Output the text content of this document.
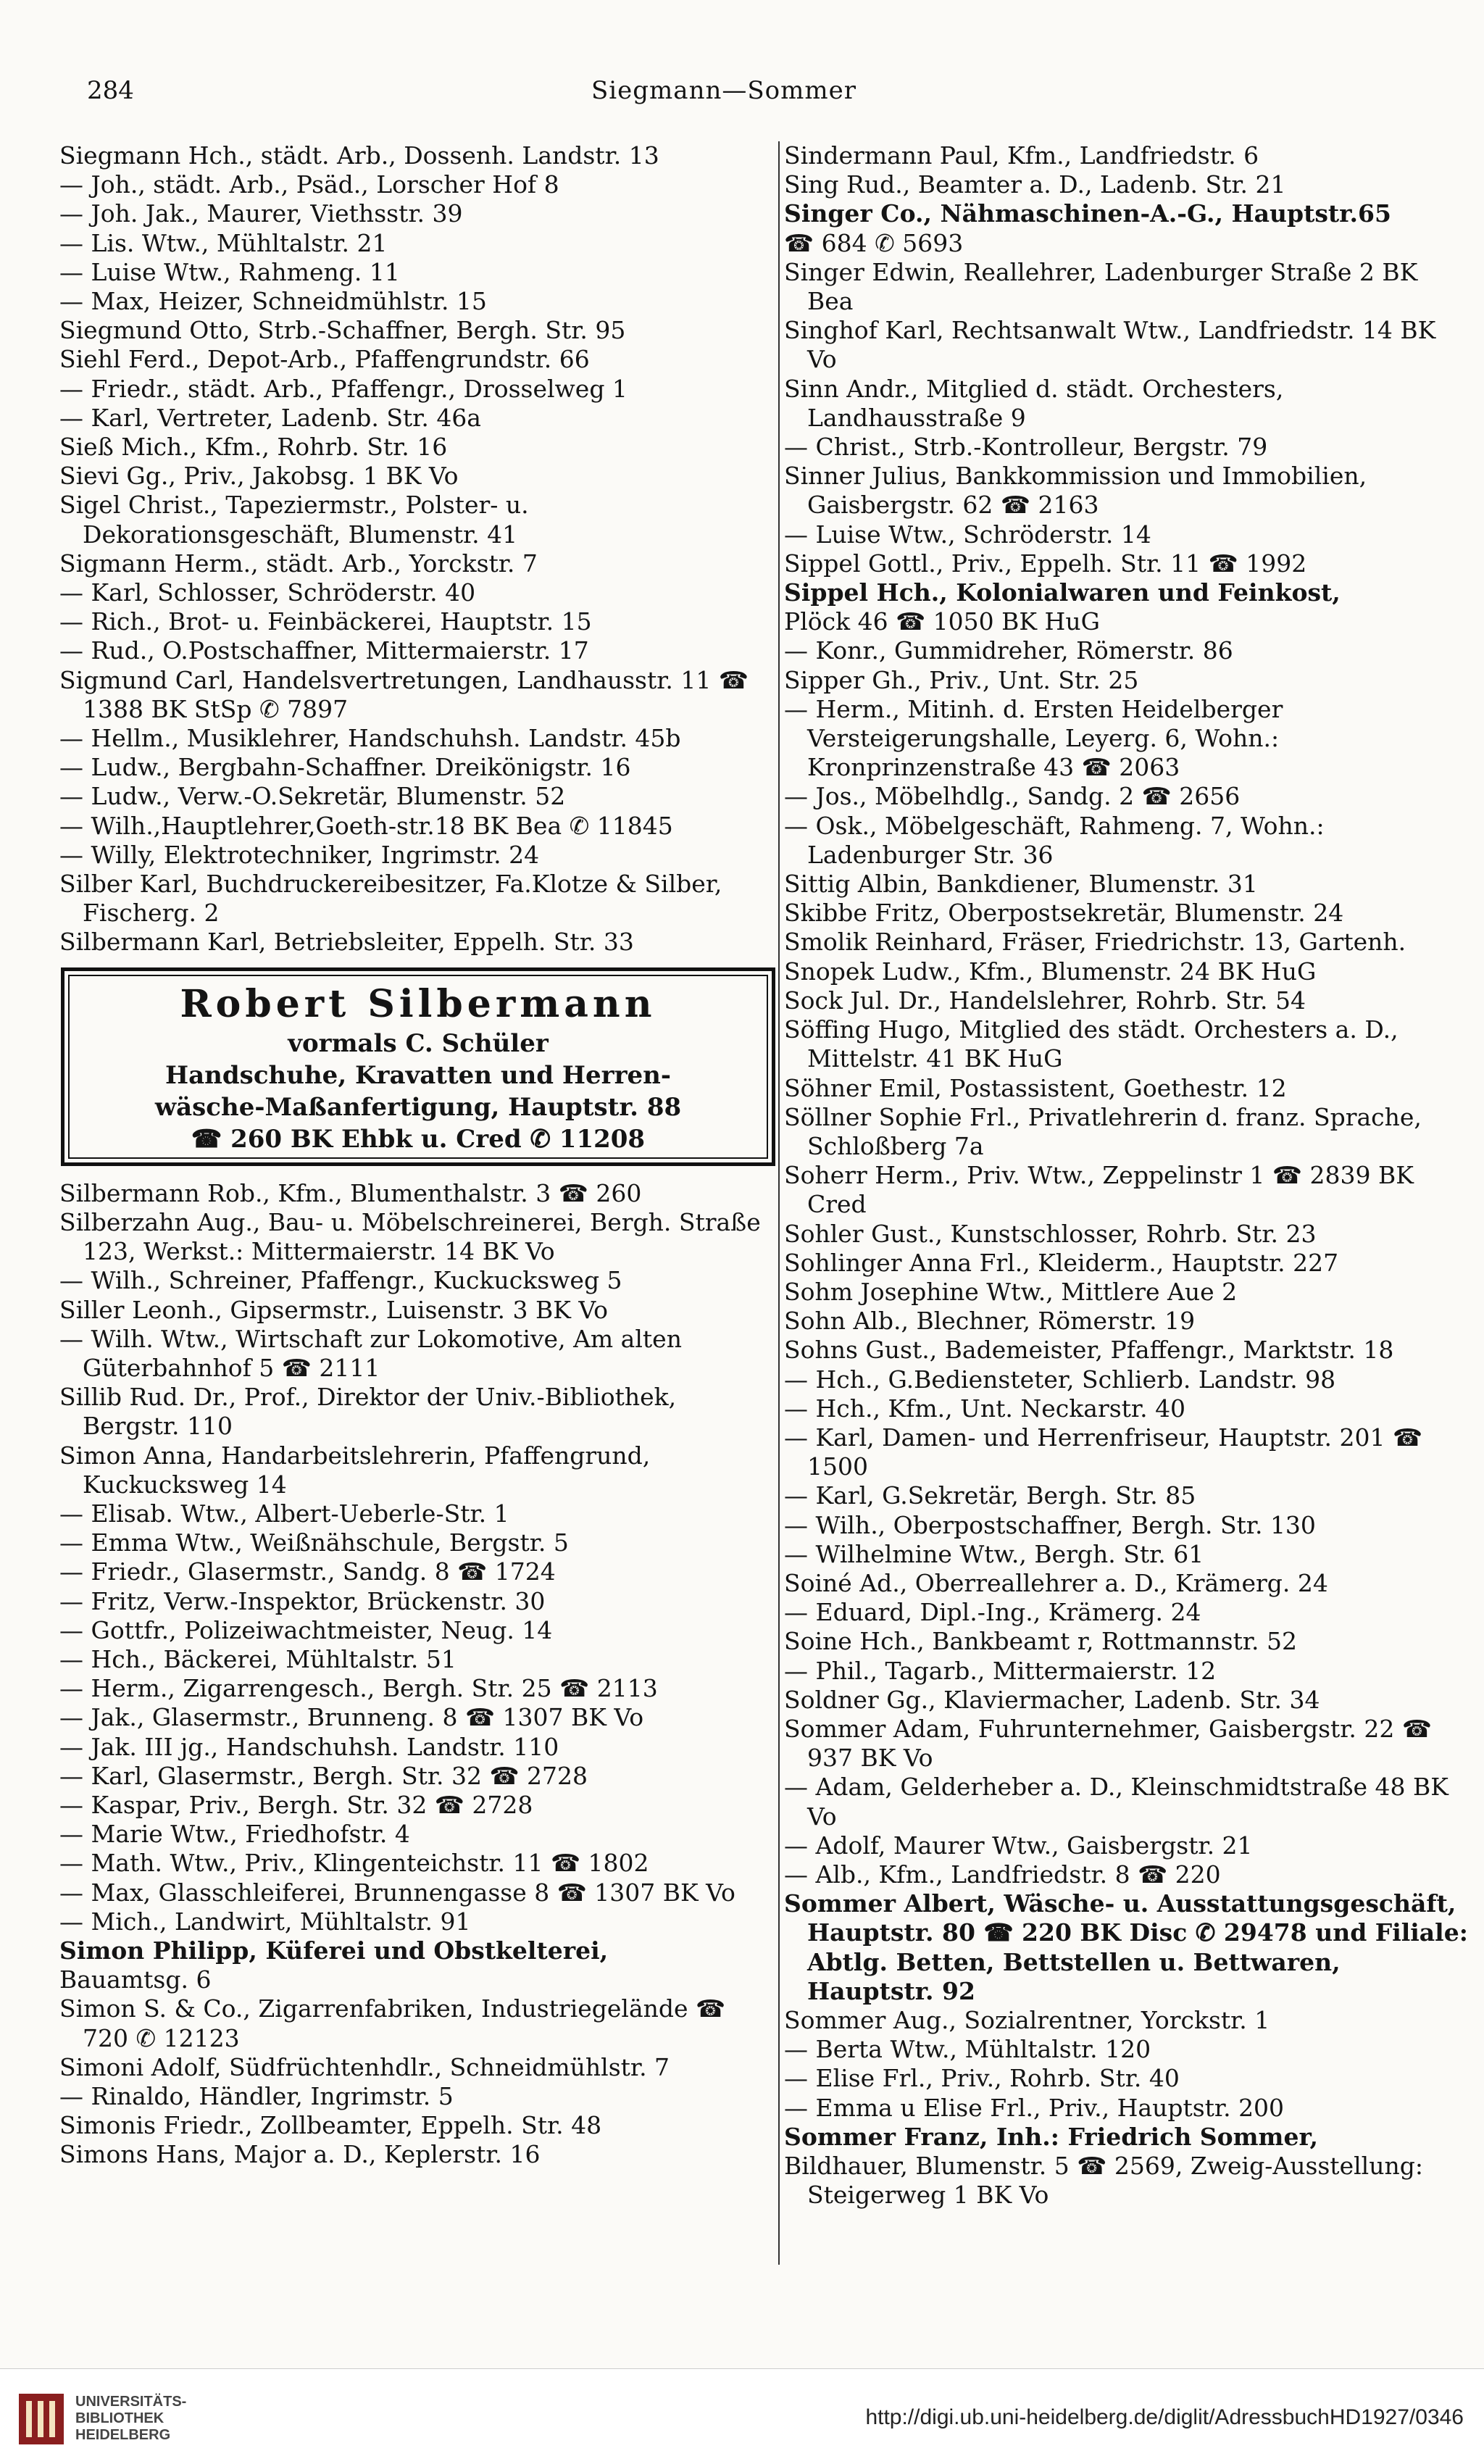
284	Siegmann—Sommer

Siegmann Hch., städt. Arb., Dossenh. Landstr. 13

— Joh., städt. Arb., Psäd., Lorscher Hof 8

— Joh. Jak., Maurer, Viethsstr. 39

— Lis. Wtw., Mühltalstr. 21

— Luise Wtw., Rahmeng. 11

— Max, Heizer, Schneidmühlstr. 15

Siegmund Otto, Strb.-Schaffner, Bergh. Str. 95

Siehl Ferd., Depot-Arb., Pfaffengrundstr. 66

— Friedr., städt. Arb., Pfaffengr., Drosselweg 1

— Karl, Vertreter, Ladenb. Str. 46a

Sieß Mich., Kfm., Rohrb. Str. 16

Sievi Gg., Priv., Jakobsg. 1 BK Vo

Sigel Christ., Tapeziermstr., Polster- u. Dekorationsgeschäft, Blumenstr. 41

Sigmann Herm., städt. Arb., Yorckstr. 7

— Karl, Schlosser, Schröderstr. 40

— Rich., Brot- u. Feinbäckerei, Hauptstr. 15

— Rud., O.Postschaffner, Mittermaierstr. 17

Sigmund Carl, Handelsvertretungen, Landhausstr. 11 ☎ 1388 BK StSp ✆ 7897

— Hellm., Musiklehrer, Handschuhsh. Landstr. 45b

— Ludw., Bergbahn-Schaffner. Dreikönigstr. 16

— Ludw., Verw.-O.Sekretär, Blumenstr. 52

— Wilh.,Hauptlehrer,Goeth-str.18 BK Bea ✆ 11845

— Willy, Elektrotechniker, Ingrimstr. 24

Silber Karl, Buchdruckereibesitzer, Fa.Klotze & Silber, Fischerg. 2

Silbermann Karl, Betriebsleiter, Eppelh. Str. 33

Robert Silbermann
vormals C. Schüler
Handschuhe, Kravatten und Herren-
wäsche-Maßanfertigung, Hauptstr. 88
☎ 260 BK Ehbk u. Cred ✆ 11208

Silbermann Rob., Kfm., Blumenthalstr. 3 ☎ 260

Silberzahn Aug., Bau- u. Möbelschreinerei, Bergh. Straße 123, Werkst.: Mittermaierstr. 14 BK Vo

— Wilh., Schreiner, Pfaffengr., Kuckucksweg 5

Siller Leonh., Gipsermstr., Luisenstr. 3 BK Vo

— Wilh. Wtw., Wirtschaft zur Lokomotive, Am alten Güterbahnhof 5 ☎ 2111

Sillib Rud. Dr., Prof., Direktor der Univ.-Bibliothek, Bergstr. 110

Simon Anna, Handarbeitslehrerin, Pfaffengrund, Kuckucksweg 14

— Elisab. Wtw., Albert-Ueberle-Str. 1

— Emma Wtw., Weißnähschule, Bergstr. 5

— Friedr., Glasermstr., Sandg. 8 ☎ 1724

— Fritz, Verw.-Inspektor, Brückenstr. 30

— Gottfr., Polizeiwachtmeister, Neug. 14

— Hch., Bäckerei, Mühltalstr. 51

— Herm., Zigarrengesch., Bergh. Str. 25 ☎ 2113

— Jak., Glasermstr., Brunneng. 8 ☎ 1307 BK Vo

— Jak. III jg., Handschuhsh. Landstr. 110

— Karl, Glasermstr., Bergh. Str. 32 ☎ 2728

— Kaspar, Priv., Bergh. Str. 32 ☎ 2728

— Marie Wtw., Friedhofstr. 4

— Math. Wtw., Priv., Klingenteichstr. 11 ☎ 1802

— Max, Glasschleiferei, Brunnengasse 8 ☎ 1307 BK Vo

— Mich., Landwirt, Mühltalstr. 91

Simon Philipp, Küferei und Obstkelterei,

Bauamtsg. 6

Simon S. & Co., Zigarrenfabriken, Industriegelände ☎ 720 ✆ 12123

Simoni Adolf, Südfrüchtenhdlr., Schneidmühlstr. 7

— Rinaldo, Händler, Ingrimstr. 5

Simonis Friedr., Zollbeamter, Eppelh. Str. 48

Simons Hans, Major a. D., Keplerstr. 16

Sindermann Paul, Kfm., Landfriedstr. 6

Sing Rud., Beamter a. D., Ladenb. Str. 21

Singer Co., Nähmaschinen-A.-G., Hauptstr.65

☎ 684 ✆ 5693

Singer Edwin, Reallehrer, Ladenburger Straße 2 BK Bea

Singhof Karl, Rechtsanwalt Wtw., Landfriedstr. 14 BK Vo

Sinn Andr., Mitglied d. städt. Orchesters, Landhausstraße 9

— Christ., Strb.-Kontrolleur, Bergstr. 79

Sinner Julius, Bankkommission und Immobilien, Gaisbergstr. 62 ☎ 2163

— Luise Wtw., Schröderstr. 14

Sippel Gottl., Priv., Eppelh. Str. 11 ☎ 1992

Sippel Hch., Kolonialwaren und Feinkost,

Plöck 46 ☎ 1050 BK HuG

— Konr., Gummidreher, Römerstr. 86

Sipper Gh., Priv., Unt. Str. 25

— Herm., Mitinh. d. Ersten Heidelberger Versteigerungshalle, Leyerg. 6, Wohn.: Kronprinzenstraße 43 ☎ 2063

— Jos., Möbelhdlg., Sandg. 2 ☎ 2656

— Osk., Möbelgeschäft, Rahmeng. 7, Wohn.: Ladenburger Str. 36

Sittig Albin, Bankdiener, Blumenstr. 31

Skibbe Fritz, Oberpostsekretär, Blumenstr. 24

Smolik Reinhard, Fräser, Friedrichstr. 13, Gartenh.

Snopek Ludw., Kfm., Blumenstr. 24 BK HuG

Sock Jul. Dr., Handelslehrer, Rohrb. Str. 54

Söffing Hugo, Mitglied des städt. Orchesters a. D., Mittelstr. 41 BK HuG

Söhner Emil, Postassistent, Goethestr. 12

Söllner Sophie Frl., Privatlehrerin d. franz. Sprache, Schloßberg 7a

Soherr Herm., Priv. Wtw., Zeppelinstr 1 ☎ 2839 BK Cred

Sohler Gust., Kunstschlosser, Rohrb. Str. 23

Sohlinger Anna Frl., Kleiderm., Hauptstr. 227

Sohm Josephine Wtw., Mittlere Aue 2

Sohn Alb., Blechner, Römerstr. 19

Sohns Gust., Bademeister, Pfaffengr., Marktstr. 18

— Hch., G.Bediensteter, Schlierb. Landstr. 98

— Hch., Kfm., Unt. Neckarstr. 40

— Karl, Damen- und Herrenfriseur, Hauptstr. 201 ☎ 1500

— Karl, G.Sekretär, Bergh. Str. 85

— Wilh., Oberpostschaffner, Bergh. Str. 130

— Wilhelmine Wtw., Bergh. Str. 61

Soiné Ad., Oberreallehrer a. D., Krämerg. 24

— Eduard, Dipl.-Ing., Krämerg. 24

Soine Hch., Bankbeamt r, Rottmannstr. 52

— Phil., Tagarb., Mittermaierstr. 12

Soldner Gg., Klaviermacher, Ladenb. Str. 34

Sommer Adam, Fuhrunternehmer, Gaisbergstr. 22 ☎ 937 BK Vo

— Adam, Gelderheber a. D., Kleinschmidtstraße 48 BK Vo

— Adolf, Maurer Wtw., Gaisbergstr. 21

— Alb., Kfm., Landfriedstr. 8 ☎ 220

Sommer Albert, Wäsche- u. Ausstattungsgeschäft, Hauptstr. 80 ☎ 220 BK Disc ✆ 29478 und Filiale: Abtlg. Betten, Bettstellen u. Bettwaren, Hauptstr. 92

Sommer Aug., Sozialrentner, Yorckstr. 1

— Berta Wtw., Mühltalstr. 120

— Elise Frl., Priv., Rohrb. Str. 40

— Emma u Elise Frl., Priv., Hauptstr. 200

Sommer Franz, Inh.: Friedrich Sommer,

Bildhauer, Blumenstr. 5 ☎ 2569, Zweig-Ausstellung: Steigerweg 1 BK Vo

UNIVERSITÄTS-
BIBLIOTHEK
HEIDELBERG
http://digi.ub.uni-heidelberg.de/diglit/AdressbuchHD1927/0346
